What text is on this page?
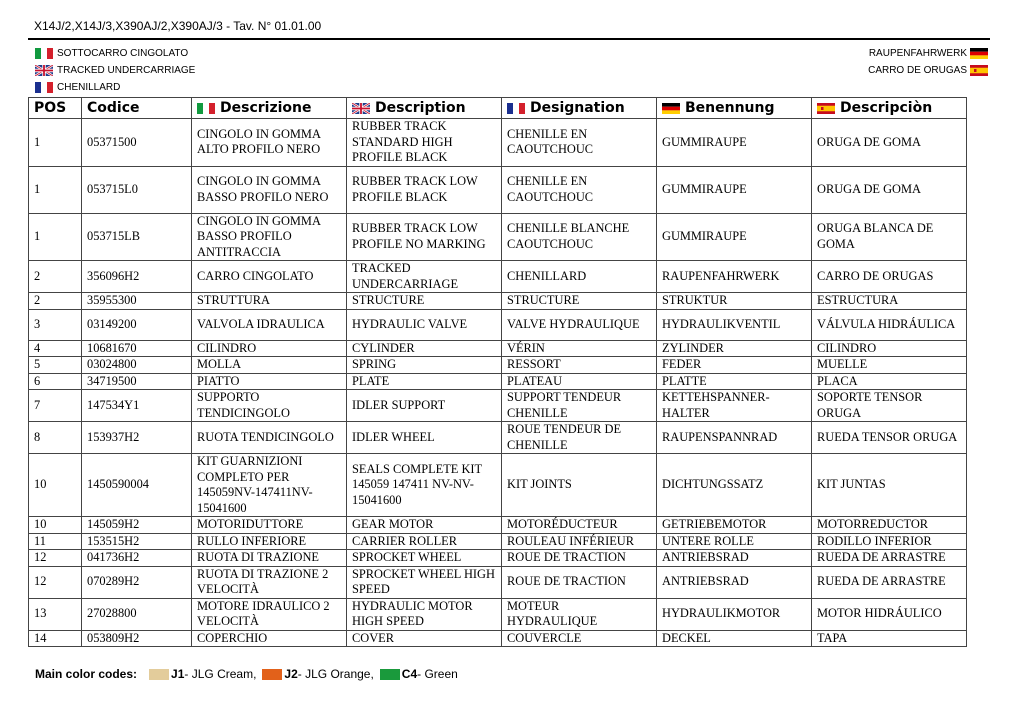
X14J/2,X14J/3,X390AJ/2,X390AJ/3 - Tav. N° 01.01.00
SOTTOCARRO CINGOLATO
TRACKED UNDERCARRIAGE
CHENILLARD
RAUPENFAHRWERK
CARRO DE ORUGAS
POS	Codice	Descrizione	Description	Designation	Benennung	Descripciòn
1	05371500	CINGOLO IN GOMMA ALTO PROFILO NERO	RUBBER TRACK STANDARD HIGH PROFILE BLACK	CHENILLE EN CAOUTCHOUC	GUMMIRAUPE	ORUGA DE GOMA
1	053715L0	CINGOLO IN GOMMA BASSO PROFILO NERO	RUBBER TRACK LOW PROFILE BLACK	CHENILLE EN CAOUTCHOUC	GUMMIRAUPE	ORUGA DE GOMA
1	053715LB	CINGOLO IN GOMMA BASSO PROFILO ANTITRACCIA	RUBBER TRACK LOW PROFILE NO MARKING	CHENILLE BLANCHE CAOUTCHOUC	GUMMIRAUPE	ORUGA BLANCA DE GOMA
2	356096H2	CARRO CINGOLATO	TRACKED UNDERCARRIAGE	CHENILLARD	RAUPENFAHRWERK	CARRO DE ORUGAS
2	35955300	STRUTTURA	STRUCTURE	STRUCTURE	STRUKTUR	ESTRUCTURA
3	03149200	VALVOLA IDRAULICA	HYDRAULIC VALVE	VALVE HYDRAULIQUE	HYDRAULIKVENTIL	VÁLVULA HIDRÁULICA
4	10681670	CILINDRO	CYLINDER	VÉRIN	ZYLINDER	CILINDRO
5	03024800	MOLLA	SPRING	RESSORT	FEDER	MUELLE
6	34719500	PIATTO	PLATE	PLATEAU	PLATTE	PLACA
7	147534Y1	SUPPORTO TENDICINGOLO	IDLER SUPPORT	SUPPORT TENDEUR CHENILLE	KETTEHSPANNER-HALTER	SOPORTE TENSOR ORUGA
8	153937H2	RUOTA TENDICINGOLO	IDLER WHEEL	ROUE TENDEUR DE CHENILLE	RAUPENSPANNRAD	RUEDA TENSOR ORUGA
10	1450590004	KIT GUARNIZIONI COMPLETO PER 145059NV-147411NV-15041600	SEALS COMPLETE KIT 145059 147411 NV-NV-15041600	KIT JOINTS	DICHTUNGSSATZ	KIT JUNTAS
10	145059H2	MOTORIDUTTORE	GEAR MOTOR	MOTORÉDUCTEUR	GETRIEBEMOTOR	MOTORREDUCTOR
11	153515H2	RULLO INFERIORE	CARRIER ROLLER	ROULEAU INFÉRIEUR	UNTERE ROLLE	RODILLO INFERIOR
12	041736H2	RUOTA DI TRAZIONE	SPROCKET WHEEL	ROUE DE TRACTION	ANTRIEBSRAD	RUEDA DE ARRASTRE
12	070289H2	RUOTA DI TRAZIONE 2 VELOCITÀ	SPROCKET WHEEL HIGH SPEED	ROUE DE TRACTION	ANTRIEBSRAD	RUEDA DE ARRASTRE
13	27028800	MOTORE IDRAULICO 2 VELOCITÀ	HYDRAULIC MOTOR HIGH SPEED	MOTEUR HYDRAULIQUE	HYDRAULIKMOTOR	MOTOR HIDRÁULICO
14	053809H2	COPERCHIO	COVER	COUVERCLE	DECKEL	TAPA
Main color codes:	J1 - JLG Cream, J2 - JLG Orange, C4 - Green
